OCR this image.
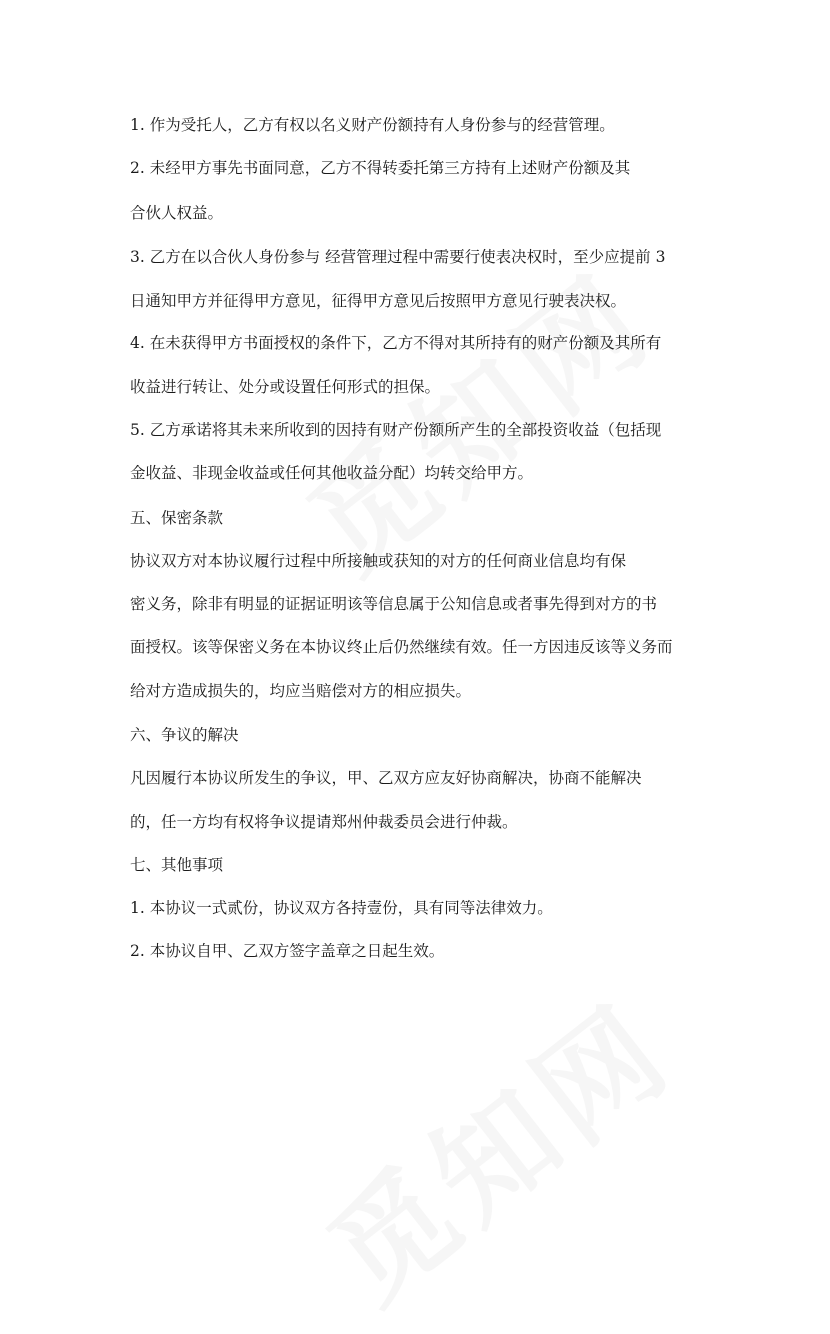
1. 作为受托人，乙方有权以名义财产份额持有人身份参与的经营管理。
2. 未经甲方事先书面同意，乙方不得转委托第三方持有上述财产份额及其
合伙人权益。
3. 乙方在以合伙人身份参与 经营管理过程中需要行使表决权时，至少应提前 3
日通知甲方并征得甲方意见，征得甲方意见后按照甲方意见行驶表决权。
4. 在未获得甲方书面授权的条件下，乙方不得对其所持有的财产份额及其所有
收益进行转让、处分或设置任何形式的担保。
5. 乙方承诺将其未来所收到的因持有财产份额所产生的全部投资收益（包括现
金收益、非现金收益或任何其他收益分配）均转交给甲方。
五、保密条款
协议双方对本协议履行过程中所接触或获知的对方的任何商业信息均有保
密义务，除非有明显的证据证明该等信息属于公知信息或者事先得到对方的书
面授权。该等保密义务在本协议终止后仍然继续有效。任一方因违反该等义务而
给对方造成损失的，均应当赔偿对方的相应损失。
六、争议的解决
凡因履行本协议所发生的争议，甲、乙双方应友好协商解决，协商不能解决
的，任一方均有权将争议提请郑州仲裁委员会进行仲裁。
七、其他事项
1. 本协议一式贰份，协议双方各持壹份，具有同等法律效力。
2. 本协议自甲、乙双方签字盖章之日起生效。
